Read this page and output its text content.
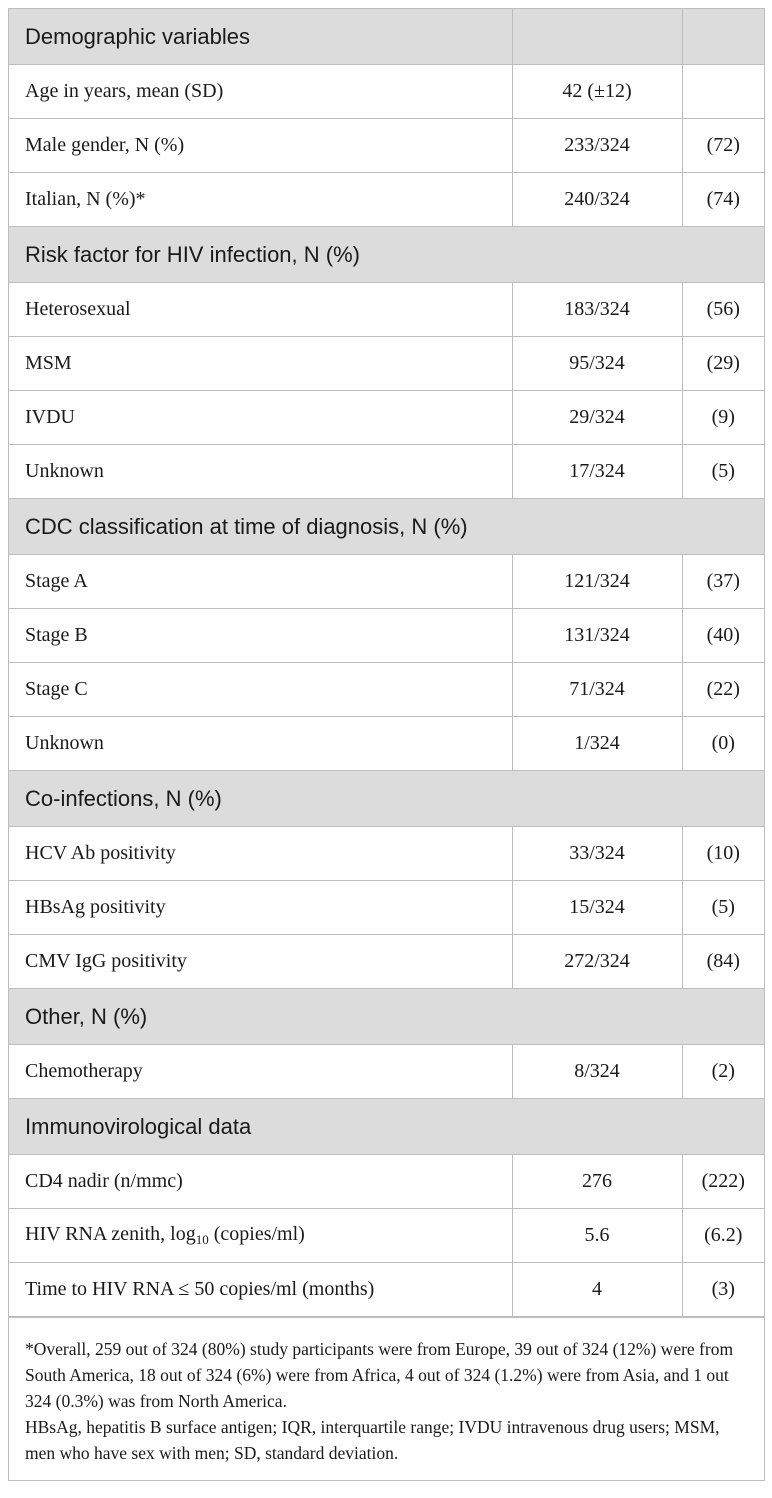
Demographic variables		
Age in years, mean (SD)	42 (±12)	
Male gender, N (%)	233/324	(72)
Italian, N (%)*	240/324	(74)
Risk factor for HIV infection, N (%)		
Heterosexual	183/324	(56)
MSM	95/324	(29)
IVDU	29/324	(9)
Unknown	17/324	(5)
CDC classification at time of diagnosis, N (%)		
Stage A	121/324	(37)
Stage B	131/324	(40)
Stage C	71/324	(22)
Unknown	1/324	(0)
Co-infections, N (%)		
HCV Ab positivity	33/324	(10)
HBsAg positivity	15/324	(5)
CMV IgG positivity	272/324	(84)
Other, N (%)		
Chemotherapy	8/324	(2)
Immunovirological data		
CD4 nadir (n/mmc)	276	(222)
HIV RNA zenith, $\log_{10}$ (copies/ml)	5.6	(6.2)
Time to HIV RNA ≤ 50 copies/ml (months)	4	(3)

*Overall, 259 out of 324 (80%) study participants were from Europe, 39 out of 324 (12%) were from South America, 18 out of 324 (6%) were from Africa, 4 out of 324 (1.2%) were from Asia, and 1 out 324 (0.3%) was from North America.

HBsAg, hepatitis B surface antigen; IQR, interquartile range; IVDU intravenous drug users; MSM, men who have sex with men; SD, standard deviation.
